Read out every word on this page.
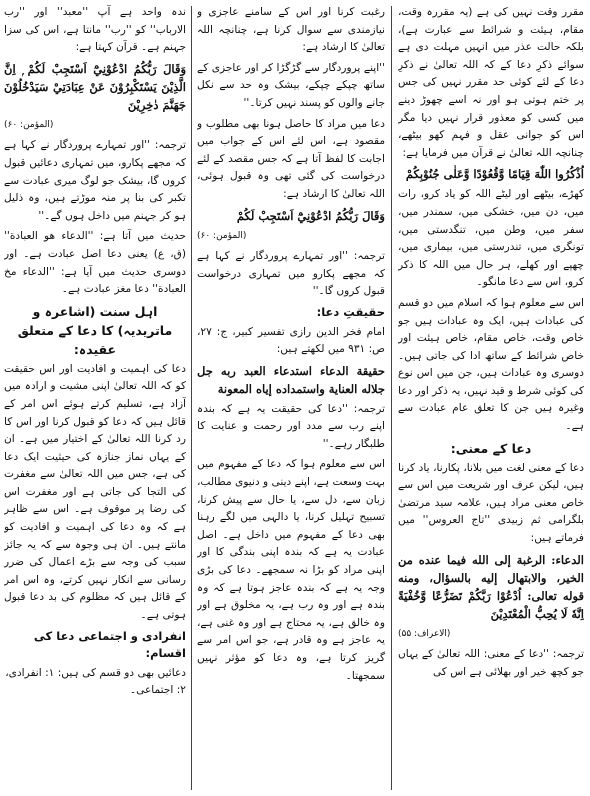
مقرر وقت نہیں کی ہے (یہ مقررہ وقت، مقام، ہیئت و شرائط سے عبارت ہے)، بلکہ حالت عذر میں انہیں مہلت دی ہے سوائے ذکرِ دعا کے کہ اللہ تعالیٰ نے ذکرِ دعا کے لئے کوئی حد مقرر نہیں کی جس پر ختم ہوتی ہو اور نہ اسے چھوڑ دینے میں کسی کو معذور قرار نہیں دیا مگر اس کو جوانی عقل و فہم کھو بیٹھے، چنانچہ اللہ تعالیٰ نے قرآن میں فرمایا ہے:

اُذْكُرُوا اللّٰهَ قِيَامًا وَّقُعُوْدًا وَّعَلٰى جُنُوْبِكُمْ

کھڑے، بیٹھے اور لیٹے اللہ کو یاد کرو، رات میں، دن میں، خشکی میں، سمندر میں، سفر میں، وطن میں، تنگدستی میں، تونگری میں، تندرستی میں، بیماری میں، چھپے اور کھلے، ہر حال میں اللہ کا ذکر کرو، اس سے دعا مانگو۔

اس سے معلوم ہوا کہ اسلام میں دو قسم کی عبادات ہیں، ایک وہ عبادات ہیں جو خاص وقت، خاص مقام، خاص ہیئت اور خاص شرائط کے ساتھ ادا کی جاتی ہیں۔ دوسری وہ عبادات ہیں، جن میں اس نوع کی کوئی شرط و قید نہیں، یہ ذکر اور دعا وغیرہ ہیں جن کا تعلق عام عبادت سے ہے۔

دعا کے معنی:

دعا کے معنی لغت میں بلانا، پکارنا، یاد کرنا ہیں، لیکن عرف اور شریعت میں اس سے خاص معنی مراد ہیں، علامہ سید مرتضیٰ بلگرامی ثم زبیدی ''تاج العروس'' میں فرماتے ہیں:

الدعاء: الرغبة إلى الله فيما عنده من الخير، والابتهال إليه بالسؤال، ومنه قوله تعالى: اُدْعُوْا رَبَّكُمْ تَضَرُّعًا وَّخُفْيَةً اِنَّهٗ لَا يُحِبُّ الْمُعْتَدِيْنَ

(الاعراف: ۵۵)

ترجمہ: ''دعا کے معنی: اللہ تعالیٰ کے یہاں جو کچھ خیر اور بھلائی ہے اس کی

رغبت کرنا اور اس کے سامنے عاجزی و نیازمندی سے سوال کرنا ہے، چنانچہ اللہ تعالیٰ کا ارشاد ہے:

''اپنے پروردگار سے گڑگڑا کر اور عاجزی کے ساتھ چپکے چپکے، بیشک وہ حد سے نکل جانے والوں کو پسند نہیں کرتا۔''

دعا میں مراد کا حاصل ہونا بھی مطلوب و مقصود ہے، اس لئے اس کے جواب میں اجابت کا لفظ آتا ہے کہ جس مقصد کے لئے درخواست کی گئی تھی وہ قبول ہوئی، اللہ تعالیٰ کا ارشاد ہے:

وَقَالَ رَبُّكُمُ ادْعُوْنِيْٓ اَسْتَجِبْ لَكُمْ

(المؤمن: ۶۰)

ترجمہ: ''اور تمہارے پروردگار نے کہا ہے کہ مجھے پکارو میں تمہاری درخواست قبول کروں گا۔''

حقیقتِ دعا:

امام فخر الدین رازی تفسیر کبیر، ج: ۲۷، ص: ۹۳۱ میں لکھتے ہیں:

حقيقة الدعاء استدعاء العبد ربه جل جلاله العناية واستمداده إياه المعونة

ترجمہ: ''دعا کی حقیقت یہ ہے کہ بندہ اپنے رب سے مدد اور رحمت و عنایت کا طلبگار رہے۔''

اس سے معلوم ہوا کہ دعا کے مفہوم میں بہت وسعت ہے، اپنے دینی و دنیوی مطالب، زبان سے، دل سے، یا حال سے پیش کرنا، تسبیح تہلیل کرنا، یا دالہی میں لگے رہنا بھی دعا کے مفہوم میں داخل ہے۔ اصل عبادت یہ ہے کہ بندہ اپنی بندگی کا اور اپنی مراد کو بڑا نہ سمجھے۔ دعا کی بڑی وجہ یہ ہے کہ بندہ عاجز ہوتا ہے کہ وہ بندہ ہے اور وہ رب ہے، یہ مخلوق ہے اور وہ خالق ہے، یہ محتاج ہے اور وہ غنی ہے، یہ عاجز ہے وہ قادر ہے، جو اس امر سے گریز کرتا ہے، وہ دعا کو مؤثر نہیں سمجھتا۔

ندہ واحد ہے آپ ''معبد'' اور ''رب الارباب'' کو ''رب'' مانتا ہے، اس کی سزا جہنم ہے۔ قرآن کہتا ہے:

وَقَالَ رَبُّكُمُ ادْعُوْنِيْٓ اَسْتَجِبْ لَكُمْ ۭ اِنَّ الَّذِيْنَ يَسْتَكْبِرُوْنَ عَنْ عِبَادَتِيْ سَيَدْخُلُوْنَ جَهَنَّمَ دٰخِرِيْنَ

(المؤمن: ۶۰)

ترجمہ: ''اور تمہارے پروردگار نے کہا ہے کہ مجھے پکارو، میں تمہاری دعائیں قبول کروں گا، بیشک جو لوگ میری عبادت سے تکبر کی بنا پر منہ موڑتے ہیں، وہ ذلیل ہو کر جہنم میں داخل ہوں گے۔''

حدیث میں آتا ہے: ''الدعاء هو العبادة'' (ق، ع) یعنی دعا اصل عبادت ہے۔ اور دوسری حدیث میں آیا ہے: ''الدعاء مخ العبادة'' دعا مغز عبادت ہے۔

اہل سنت (اشاعرہ و ماتریدیہ) کا دعا کے متعلق عقیدہ:

دعا کی اہمیت و افادیت اور اس حقیقت کو کہ اللہ تعالیٰ اپنی مشیت و ارادہ میں آزاد ہے، تسلیم کرتے ہوئے اس امر کے قائل ہیں کہ دعا کو قبول کرنا اور اس کا رد کرنا اللہ تعالیٰ کے اختیار میں ہے۔ ان کے یہاں نماز جنازہ کی حیثیت ایک دعا کی ہے، جس میں اللہ تعالیٰ سے مغفرت کی التجا کی جاتی ہے اور مغفرت اس کی رضا پر موقوف ہے۔ اس سے ظاہر ہے کہ وہ دعا کی اہمیت و افادیت کو مانتے ہیں۔ ان ہی وجوہ سے کہ یہ جائز سبب کی وجہ سے بڑے اعمال کی ضرر رسانی سے انکار نہیں کرتے، وہ اس امر کے قائل ہیں کہ مظلوم کی بد دعا قبول ہوتی ہے۔

انفرادی و اجتماعی دعا کی اقسام:

دعائیں بھی دو قسم کی ہیں: ۱: انفرادی،

۲: اجتماعی۔
